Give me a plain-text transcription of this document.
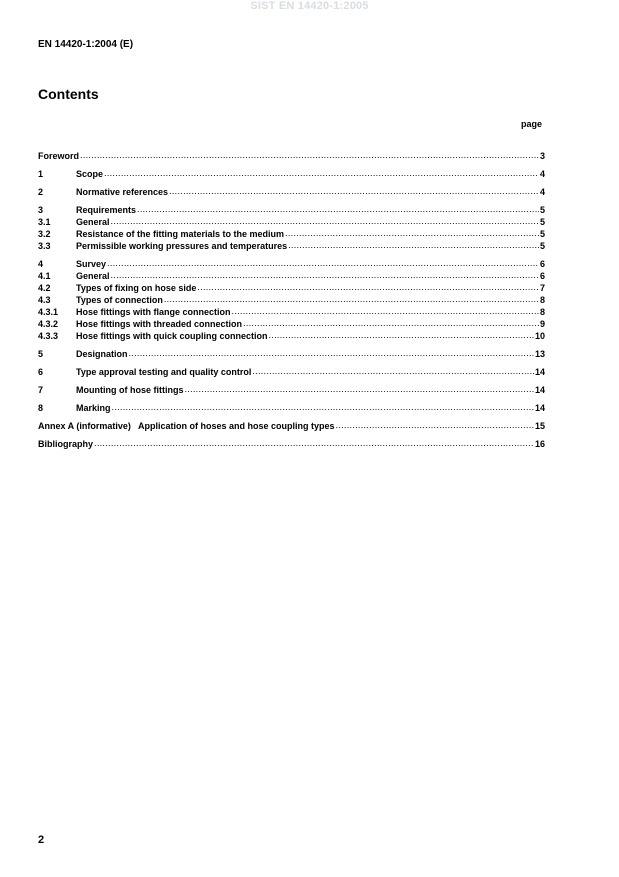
SIST EN 14420-1:2005
EN 14420-1:2004 (E)
Contents
page
Foreword .....	3
1	Scope .....	4
2	Normative references .....	4
3	Requirements .....	5
3.1	General .....	5
3.2	Resistance of the fitting materials to the medium .....	5
3.3	Permissible working pressures and temperatures .....	5
4	Survey .....	6
4.1	General .....	6
4.2	Types of fixing on hose side .....	7
4.3	Types of connection .....	8
4.3.1	Hose fittings with flange connection .....	8
4.3.2	Hose fittings with threaded connection .....	9
4.3.3	Hose fittings with quick coupling connection .....	10
5	Designation .....	13
6	Type approval testing and quality control .....	14
7	Mounting of hose fittings .....	14
8	Marking .....	14
Annex A (informative)   Application of hoses and hose coupling types .....	15
Bibliography .....	16
2
